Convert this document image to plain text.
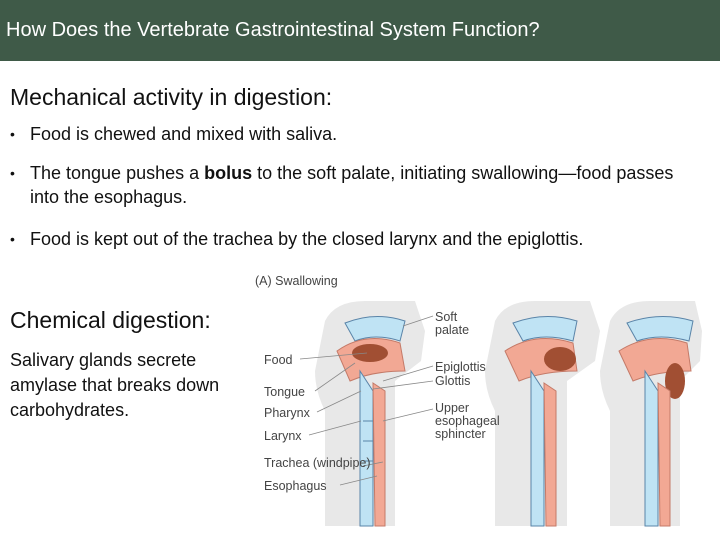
How Does the Vertebrate Gastrointestinal System Function?
Mechanical activity in digestion:
• Food is chewed and mixed with saliva.
• The tongue pushes a bolus to the soft palate, initiating swallowing—food passes into the esophagus.
• Food is kept out of the trachea by the closed larynx and the epiglottis.
Chemical digestion:
Salivary glands secrete amylase that breaks down carbohydrates.
(A) Swallowing
Food
Tongue
Pharynx
Larynx
Trachea (windpipe)
Esophagus
Soft palate
Epiglottis
Glottis
Upper esophageal sphincter
